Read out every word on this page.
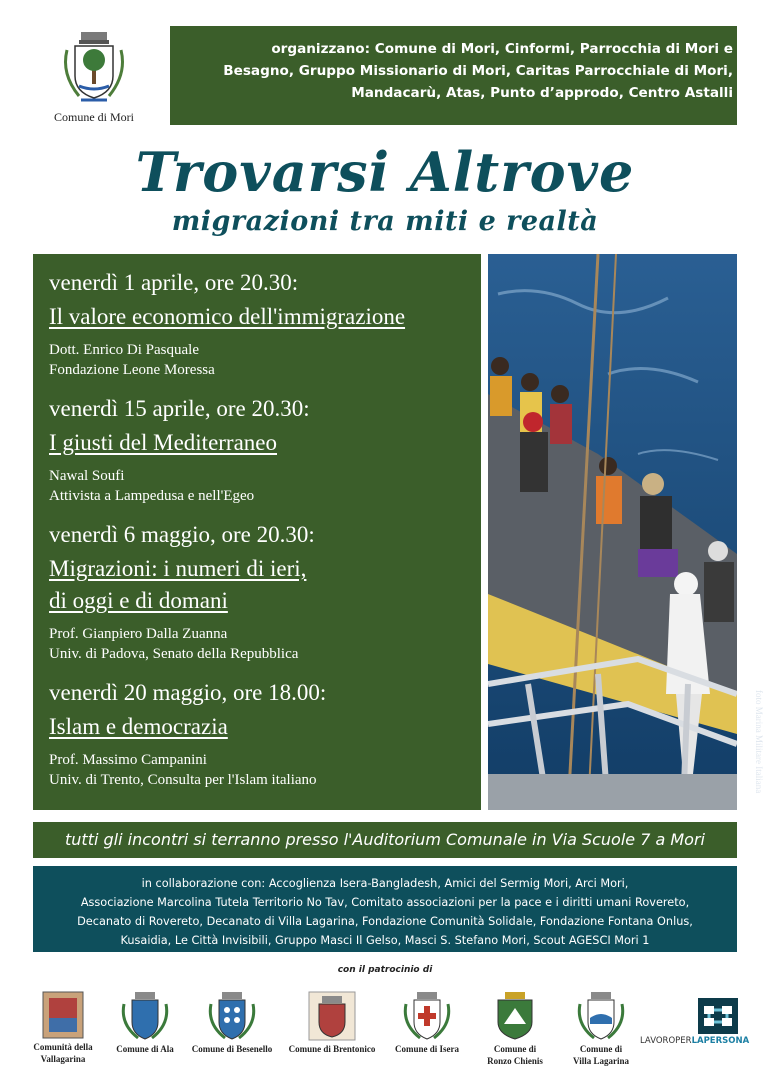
Comune di Mori
organizzano: Comune di Mori, Cinformi, Parrocchia di Mori e
Besagno, Gruppo Missionario di Mori, Caritas Parrocchiale di Mori,
Mandacarù, Atas, Punto d’approdo, Centro Astalli
Trovarsi Altrove
migrazioni tra miti e realtà
venerdì 1 aprile, ore 20.30:
Il valore economico dell'immigrazione
Dott. Enrico Di Pasquale
Fondazione Leone Moressa
venerdì 15 aprile, ore 20.30:
I giusti del Mediterraneo
Nawal Soufi
Attivista a Lampedusa e nell'Egeo
venerdì 6 maggio, ore 20.30:
Migrazioni: i numeri di ieri,
di oggi e di domani
Prof. Gianpiero Dalla Zuanna
Univ. di Padova, Senato della Repubblica
venerdì 20 maggio, ore 18.00:
Islam e democrazia
Prof. Massimo Campanini
Univ. di Trento, Consulta per l'Islam italiano	foto Marina Militare Italiana
tutti gli incontri si terranno presso l'Auditorium Comunale in Via Scuole 7 a Mori
in collaborazione con: Accoglienza Isera-Bangladesh, Amici del Sermig Mori, Arci Mori,
Associazione Marcolina Tutela Territorio No Tav, Comitato associazioni per la pace e i diritti umani Rovereto,
Decanato di Rovereto, Decanato di Villa Lagarina, Fondazione Comunità Solidale, Fondazione Fontana Onlus,
Kusaidia, Le Città Invisibili, Gruppo Masci Il Gelso, Masci S. Stefano Mori, Scout AGESCI Mori 1
con il patrocinio di
Comunità della
Vallagarina
Comune di Ala	Comune di Besenello	Comune di Brentonico	Comune di Isera	Comune di
Ronzo Chienis
Comune di
Villa Lagarina
LAVOROPERLAPERSONA
